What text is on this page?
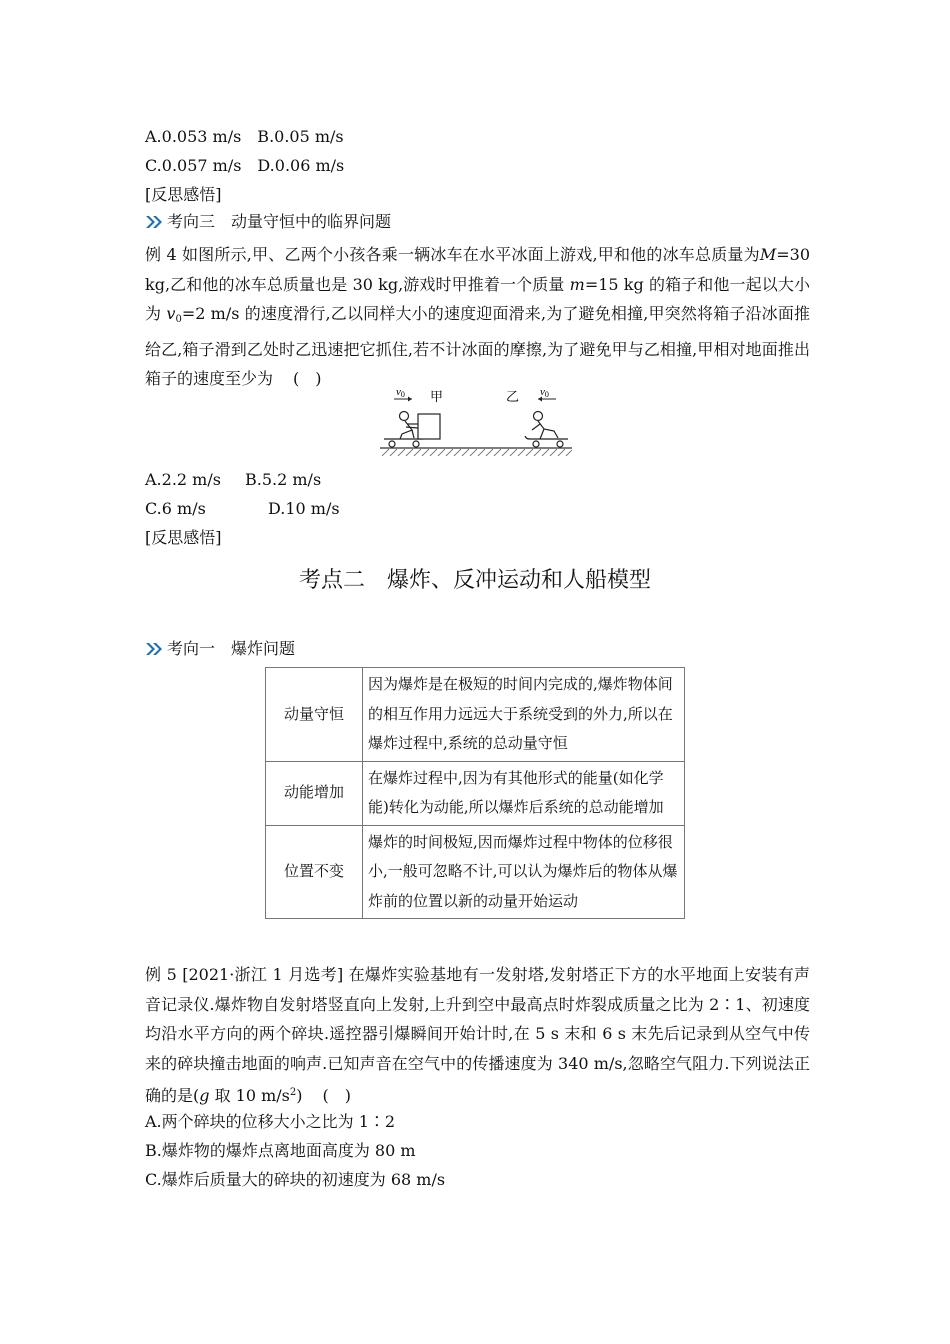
A.0.053 m/s　B.0.05 m/s
C.0.057 m/s　D.0.06 m/s
[反思感悟]
考向三　动量守恒中的临界问题
例 4 如图所示,甲、乙两个小孩各乘一辆冰车在水平冰面上游戏,甲和他的冰车总质量为M=30 kg,乙和他的冰车总质量也是 30 kg,游戏时甲推着一个质量 m=15 kg 的箱子和他一起以大小为 $v_0=2$ m/s 的速度滑行,乙以同样大小的速度迎面滑来,为了避免相撞,甲突然将箱子沿冰面推给乙,箱子滑到乙处时乙迅速把它抓住,若不计冰面的摩擦,为了避免甲与乙相撞,甲相对地面推出箱子的速度至少为 (　)
v0 甲	v0
乙
A.2.2 m/s B.5.2 m/s
C.6 m/s	D.10 m/s
[反思感悟]
考点二　爆炸、反冲运动和人船模型
考向一　爆炸问题
动量守恒	因为爆炸是在极短的时间内完成的,爆炸物体间的相互作用力远远大于系统受到的外力,所以在爆炸过程中,系统的总动量守恒
动能增加	在爆炸过程中,因为有其他形式的能量(如化学能)转化为动能,所以爆炸后系统的总动能增加
位置不变	爆炸的时间极短,因而爆炸过程中物体的位移很小,一般可忽略不计,可以认为爆炸后的物体从爆炸前的位置以新的动量开始运动
例 5 [2021·浙江 1 月选考] 在爆炸实验基地有一发射塔,发射塔正下方的水平地面上安装有声音记录仪.爆炸物自发射塔竖直向上发射,上升到空中最高点时炸裂成质量之比为 2∶1、初速度均沿水平方向的两个碎块.遥控器引爆瞬间开始计时,在 5 s 末和 6 s 末先后记录到从空气中传来的碎块撞击地面的响声.已知声音在空气中的传播速度为 340 m/s,忽略空气阻力.下列说法正确的是(g 取 10 $m/s^2$) (　)
A.两个碎块的位移大小之比为 1∶2
B.爆炸物的爆炸点离地面高度为 80 m
C.爆炸后质量大的碎块的初速度为 68 m/s
